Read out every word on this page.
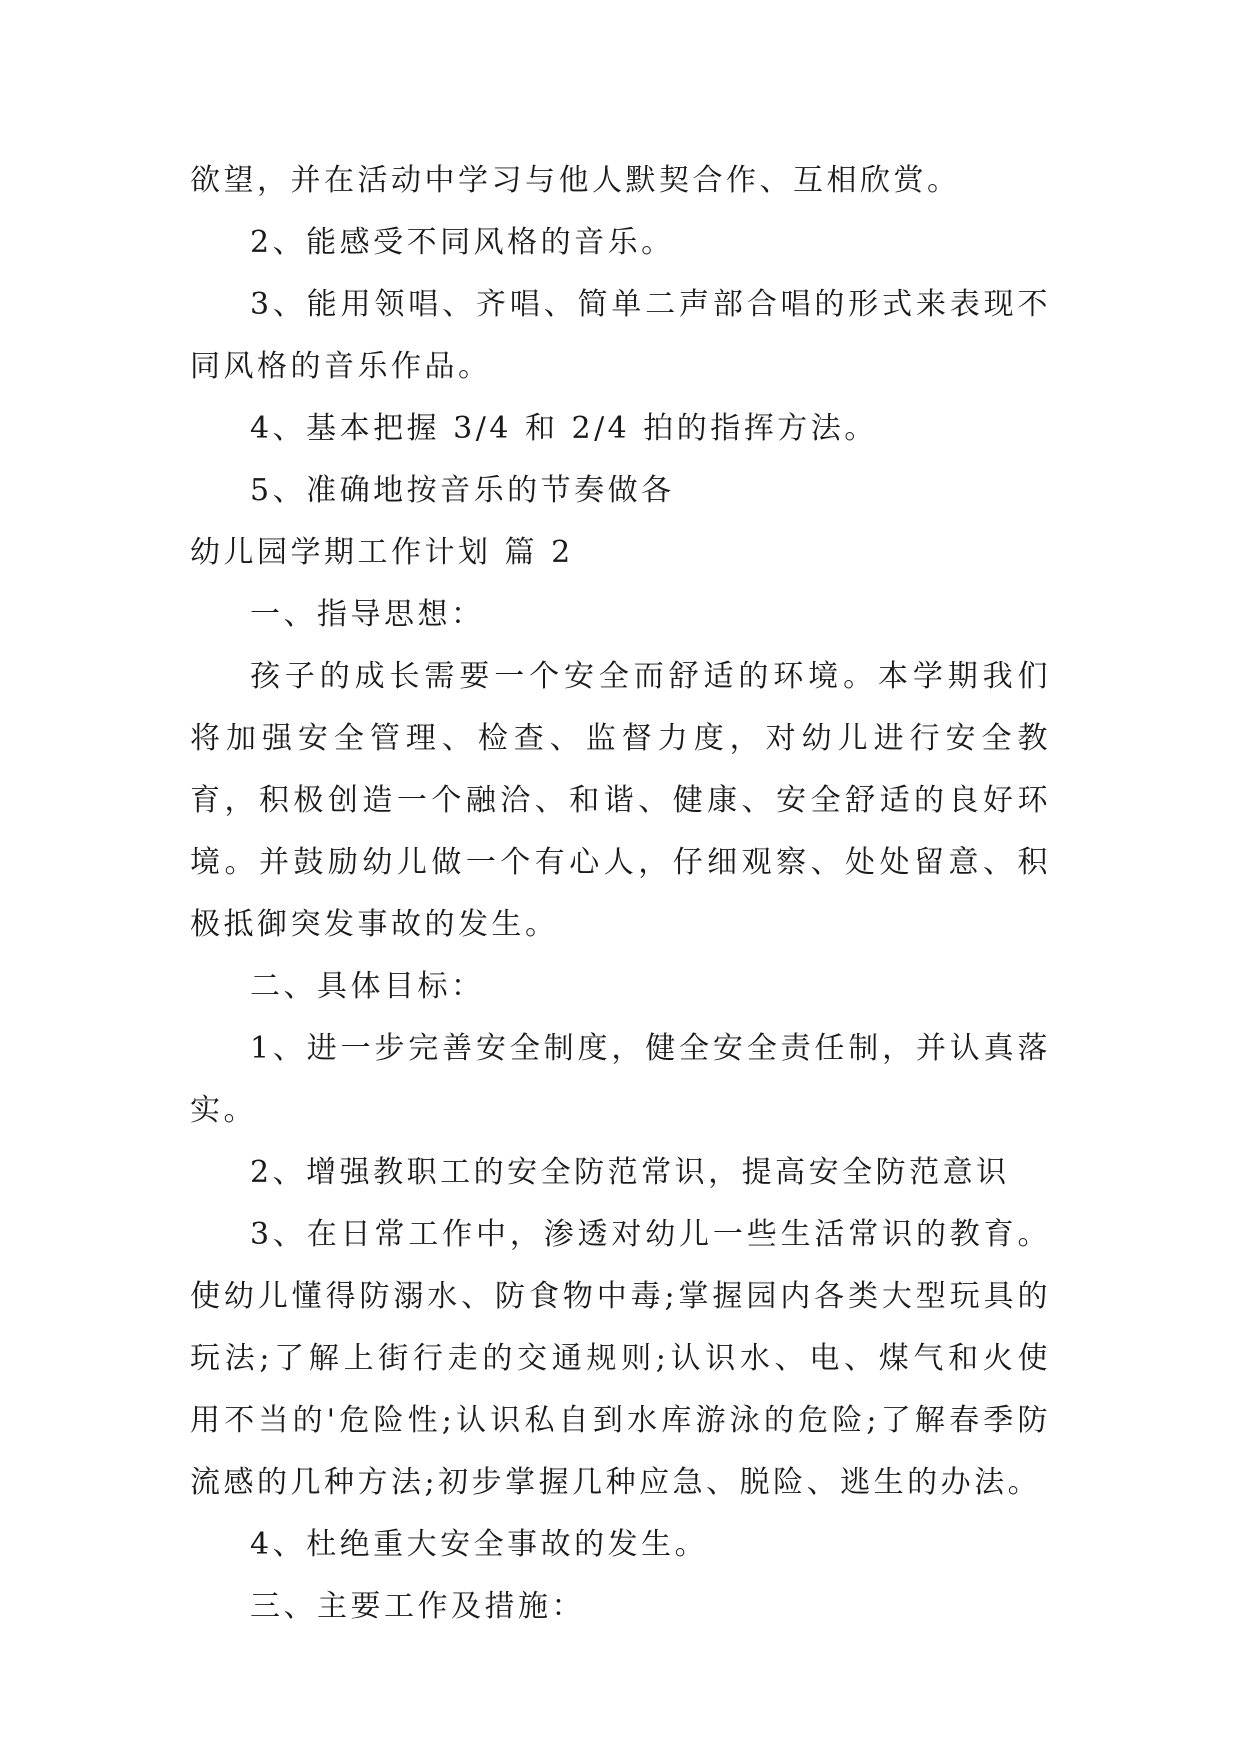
欲望，并在活动中学习与他人默契合作、互相欣赏。

2、能感受不同风格的音乐。

3、能用领唱、齐唱、简单二声部合唱的形式来表现不同风格的音乐作品。

4、基本把握 3/4 和 2/4 拍的指挥方法。

5、准确地按音乐的节奏做各

幼儿园学期工作计划 篇 2

一、指导思想：

孩子的成长需要一个安全而舒适的环境。本学期我们将加强安全管理、检查、监督力度，对幼儿进行安全教育，积极创造一个融洽、和谐、健康、安全舒适的良好环境。并鼓励幼儿做一个有心人，仔细观察、处处留意、积极抵御突发事故的发生。

二、具体目标：

1、进一步完善安全制度，健全安全责任制，并认真落实。

2、增强教职工的安全防范常识，提高安全防范意识

3、在日常工作中，渗透对幼儿一些生活常识的教育。使幼儿懂得防溺水、防食物中毒;掌握园内各类大型玩具的玩法;了解上街行走的交通规则;认识水、电、煤气和火使用不当的'危险性;认识私自到水库游泳的危险;了解春季防流感的几种方法;初步掌握几种应急、脱险、逃生的办法。

4、杜绝重大安全事故的发生。

三、主要工作及措施：
